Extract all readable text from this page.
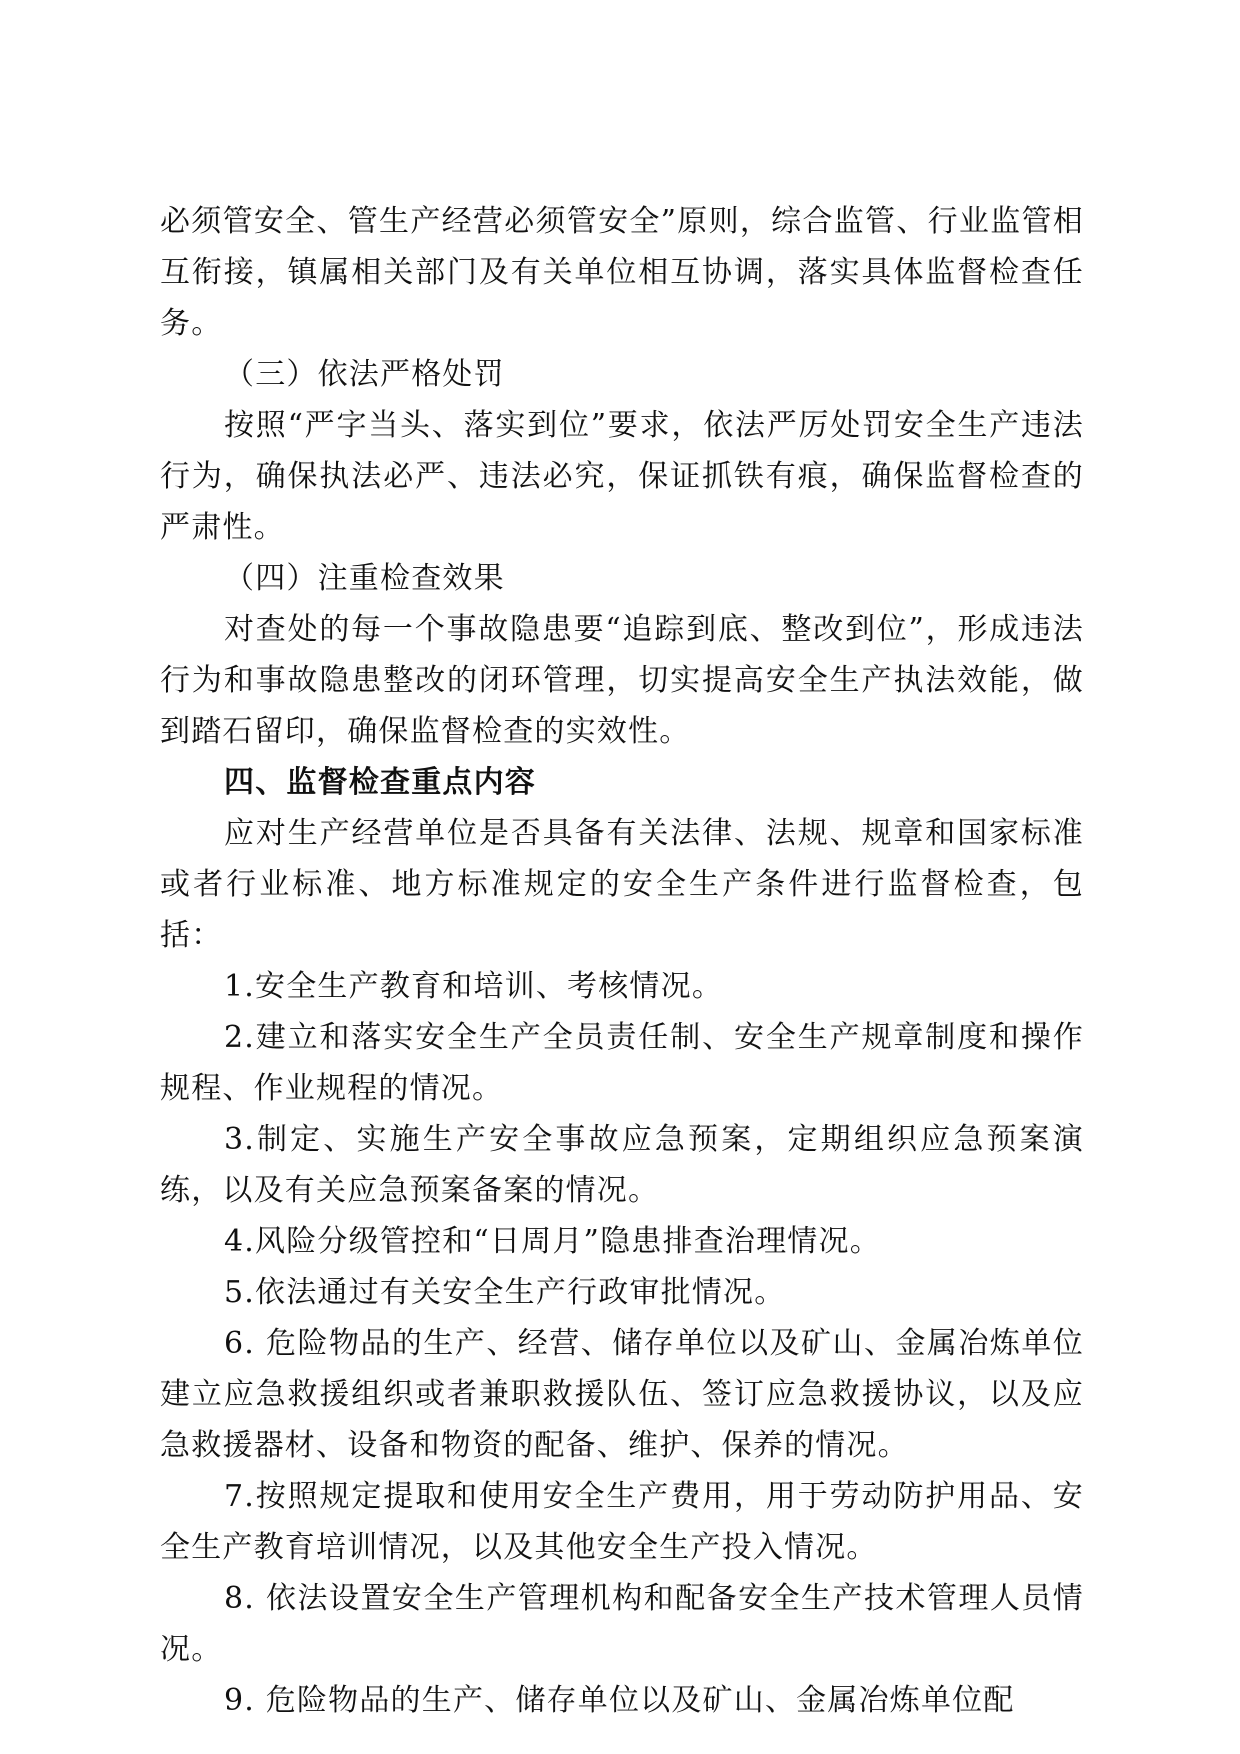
必须管安全、管生产经营必须管安全”原则，综合监管、行业监管相互衔接，镇属相关部门及有关单位相互协调，落实具体监督检查任务。

（三）依法严格处罚

按照“严字当头、落实到位”要求，依法严厉处罚安全生产违法行为，确保执法必严、违法必究，保证抓铁有痕，确保监督检查的严肃性。

（四）注重检查效果

对查处的每一个事故隐患要“追踪到底、整改到位”，形成违法行为和事故隐患整改的闭环管理，切实提高安全生产执法效能，做到踏石留印，确保监督检查的实效性。

四、监督检查重点内容

应对生产经营单位是否具备有关法律、法规、规章和国家标准或者行业标准、地方标准规定的安全生产条件进行监督检查，包括：

1.安全生产教育和培训、考核情况。

2.建立和落实安全生产全员责任制、安全生产规章制度和操作规程、作业规程的情况。

3.制定、实施生产安全事故应急预案，定期组织应急预案演练，以及有关应急预案备案的情况。

4.风险分级管控和“日周月”隐患排查治理情况。

5.依法通过有关安全生产行政审批情况。

6. 危险物品的生产、经营、储存单位以及矿山、金属冶炼单位建立应急救援组织或者兼职救援队伍、签订应急救援协议，以及应急救援器材、设备和物资的配备、维护、保养的情况。

7.按照规定提取和使用安全生产费用，用于劳动防护用品、安全生产教育培训情况，以及其他安全生产投入情况。

8. 依法设置安全生产管理机构和配备安全生产技术管理人员情况。

9. 危险物品的生产、储存单位以及矿山、金属冶炼单位配
